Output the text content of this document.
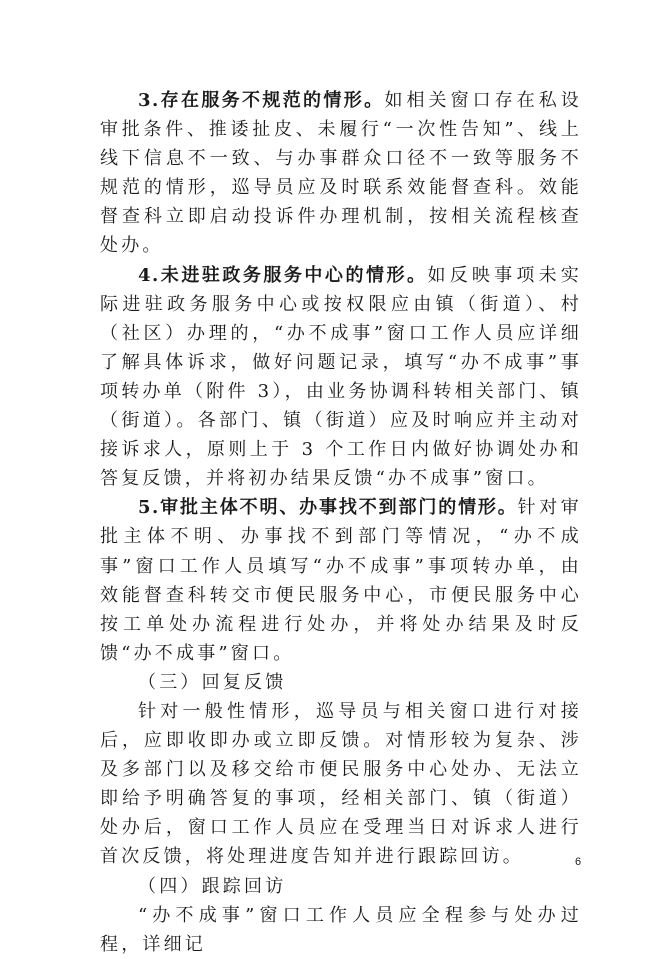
3.存在服务不规范的情形。如相关窗口存在私设审批条件、推诿扯皮、未履行“一次性告知”、线上线下信息不一致、与办事群众口径不一致等服务不规范的情形，巡导员应及时联系效能督查科。效能督查科立即启动投诉件办理机制，按相关流程核查处办。

4.未进驻政务服务中心的情形。如反映事项未实际进驻政务服务中心或按权限应由镇（街道）、村（社区）办理的，“办不成事”窗口工作人员应详细了解具体诉求，做好问题记录，填写“办不成事”事项转办单（附件 3），由业务协调科转相关部门、镇（街道）。各部门、镇（街道）应及时响应并主动对接诉求人，原则上于 3 个工作日内做好协调处办和答复反馈，并将初办结果反馈“办不成事”窗口。

5.审批主体不明、办事找不到部门的情形。针对审批主体不明、办事找不到部门等情况，“办不成事”窗口工作人员填写“办不成事”事项转办单，由效能督查科转交市便民服务中心，市便民服务中心按工单处办流程进行处办，并将处办结果及时反馈“办不成事”窗口。

（三）回复反馈

针对一般性情形，巡导员与相关窗口进行对接后，应即收即办或立即反馈。对情形较为复杂、涉及多部门以及移交给市便民服务中心处办、无法立即给予明确答复的事项，经相关部门、镇（街道）处办后，窗口工作人员应在受理当日对诉求人进行首次反馈，将处理进度告知并进行跟踪回访。

（四）跟踪回访

“办不成事”窗口工作人员应全程参与处办过程，详细记

6
